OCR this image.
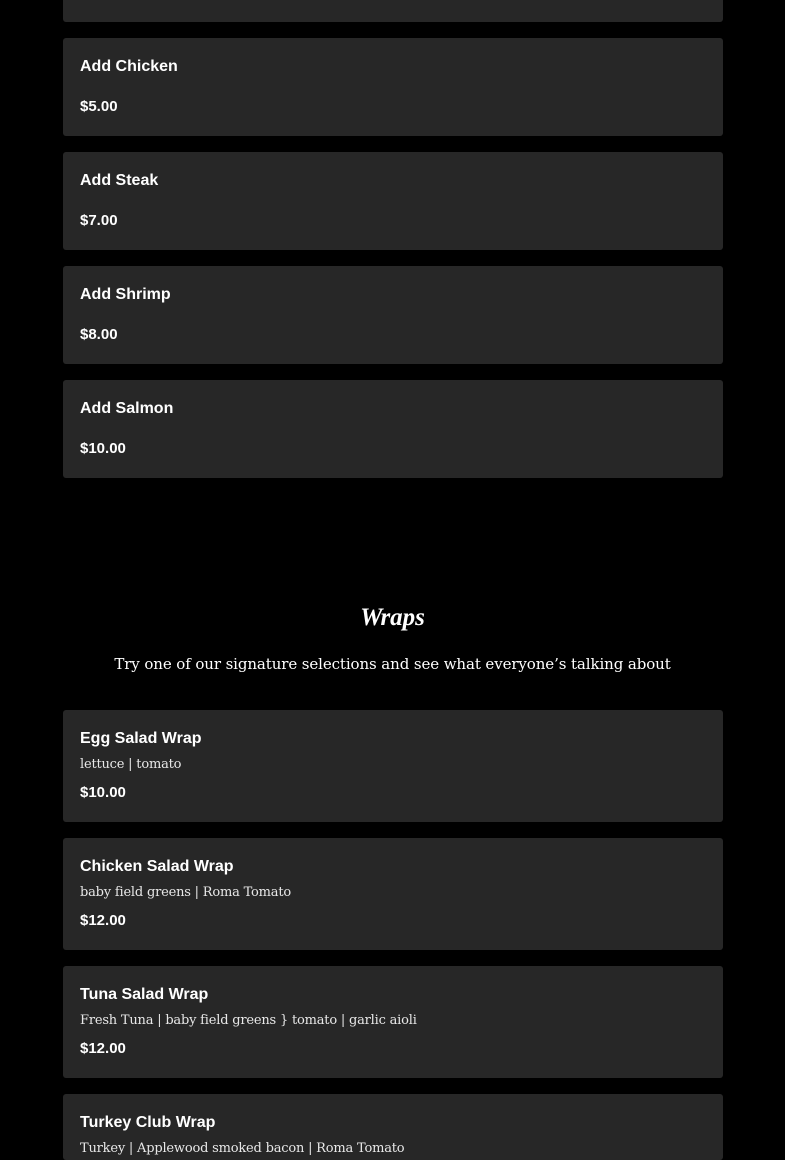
Add Chicken
$5.00
Add Steak
$7.00
Add Shrimp
$8.00
Add Salmon
$10.00
Wraps
Try one of our signature selections and see what everyone’s talking about
Egg Salad Wrap
lettuce | tomato
$10.00
Chicken Salad Wrap
baby field greens | Roma Tomato
$12.00
Tuna Salad Wrap
Fresh Tuna | baby field greens } tomato | garlic aioli
$12.00
Turkey Club Wrap
Turkey | Applewood smoked bacon | Roma Tomato
